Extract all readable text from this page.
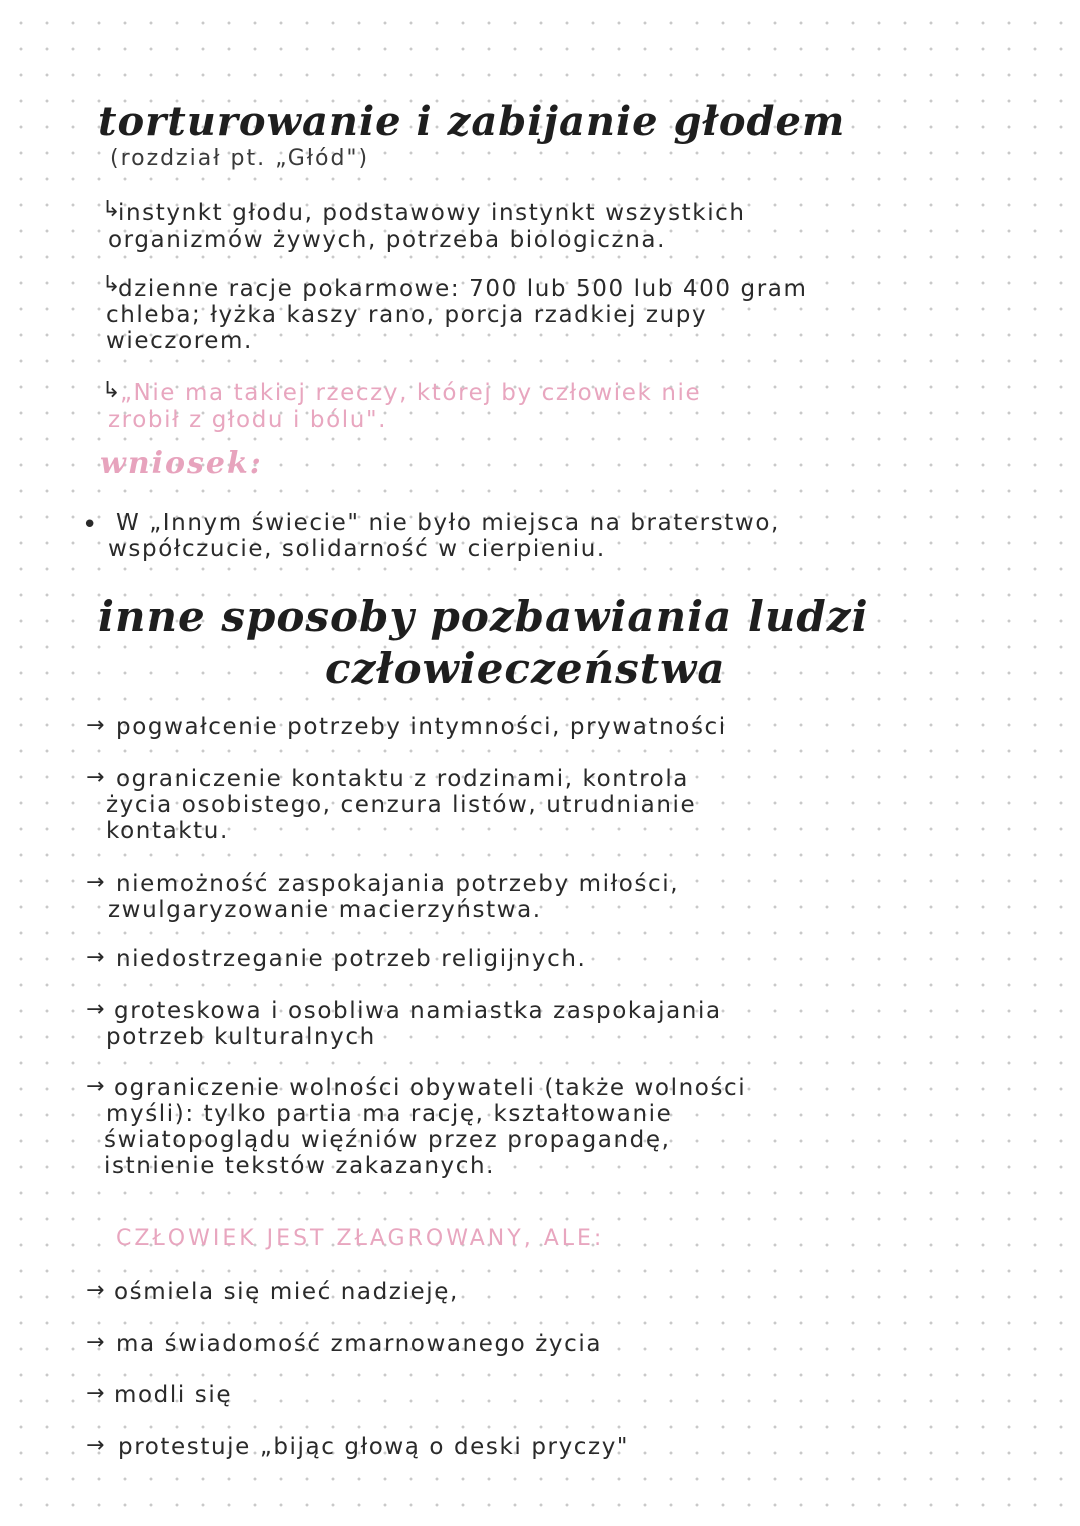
torturowanie i zabijanie głodem
(rozdział pt. „Głód")
↳
instynkt głodu, podstawowy instynkt wszystkich
organizmów żywych, potrzeba biologiczna.
↳
dzienne racje pokarmowe: 700 lub 500 lub 400 gram
chleba; łyżka kaszy rano, porcja rzadkiej zupy
wieczorem.
↳ „Nie ma takiej rzeczy, której by człowiek nie
zrobił z głodu i bólu".
wniosek:
• W „Innym świecie" nie było miejsca na braterstwo,
współczucie, solidarność w cierpieniu.
inne sposoby pozbawiania ludzi
człowieczeństwa
→ pogwałcenie potrzeby intymności, prywatności
→ ograniczenie kontaktu z rodzinami, kontrola
życia osobistego, cenzura listów, utrudnianie
kontaktu.
→ niemożność zaspokajania potrzeby miłości,
zwulgaryzowanie macierzyństwa.
→ niedostrzeganie potrzeb religijnych.
→ groteskowa i osobliwa namiastka zaspokajania
potrzeb kulturalnych
→ ograniczenie wolności obywateli (także wolności
myśli): tylko partia ma rację, kształtowanie
światopoglądu więźniów przez propagandę,
istnienie tekstów zakazanych.
CZŁOWIEK JEST ZŁAGROWANY, ALE:
→ ośmiela się mieć nadzieję,
→ ma świadomość zmarnowanego życia
→ modli się
→ protestuje „bijąc głową o deski pryczy"
